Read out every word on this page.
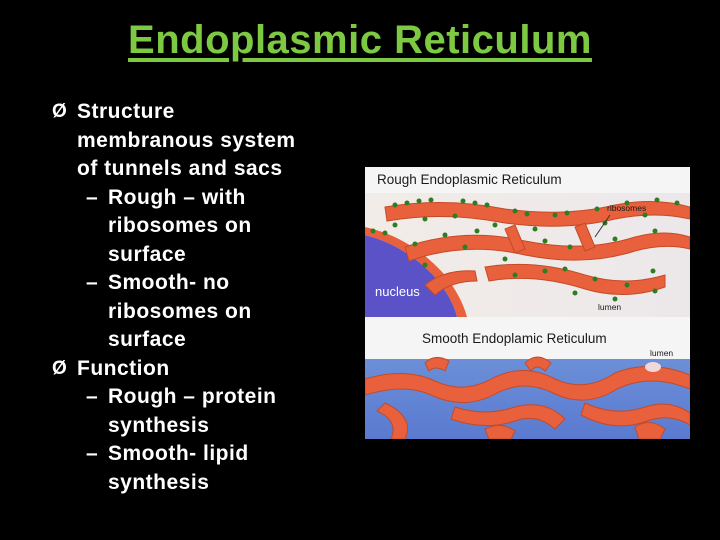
Endoplasmic Reticulum
Ø Structure
membranous system
of tunnels and sacs
– Rough – with
ribosomes on
surface
– Smooth- no
ribosomes on
surface
Ø Function
– Rough – protein
synthesis
– Smooth- lipid
synthesis
Rough Endoplasmic Reticulum
ribosomes
nucleus
lumen
Smooth Endoplamic Reticulum
lumen
